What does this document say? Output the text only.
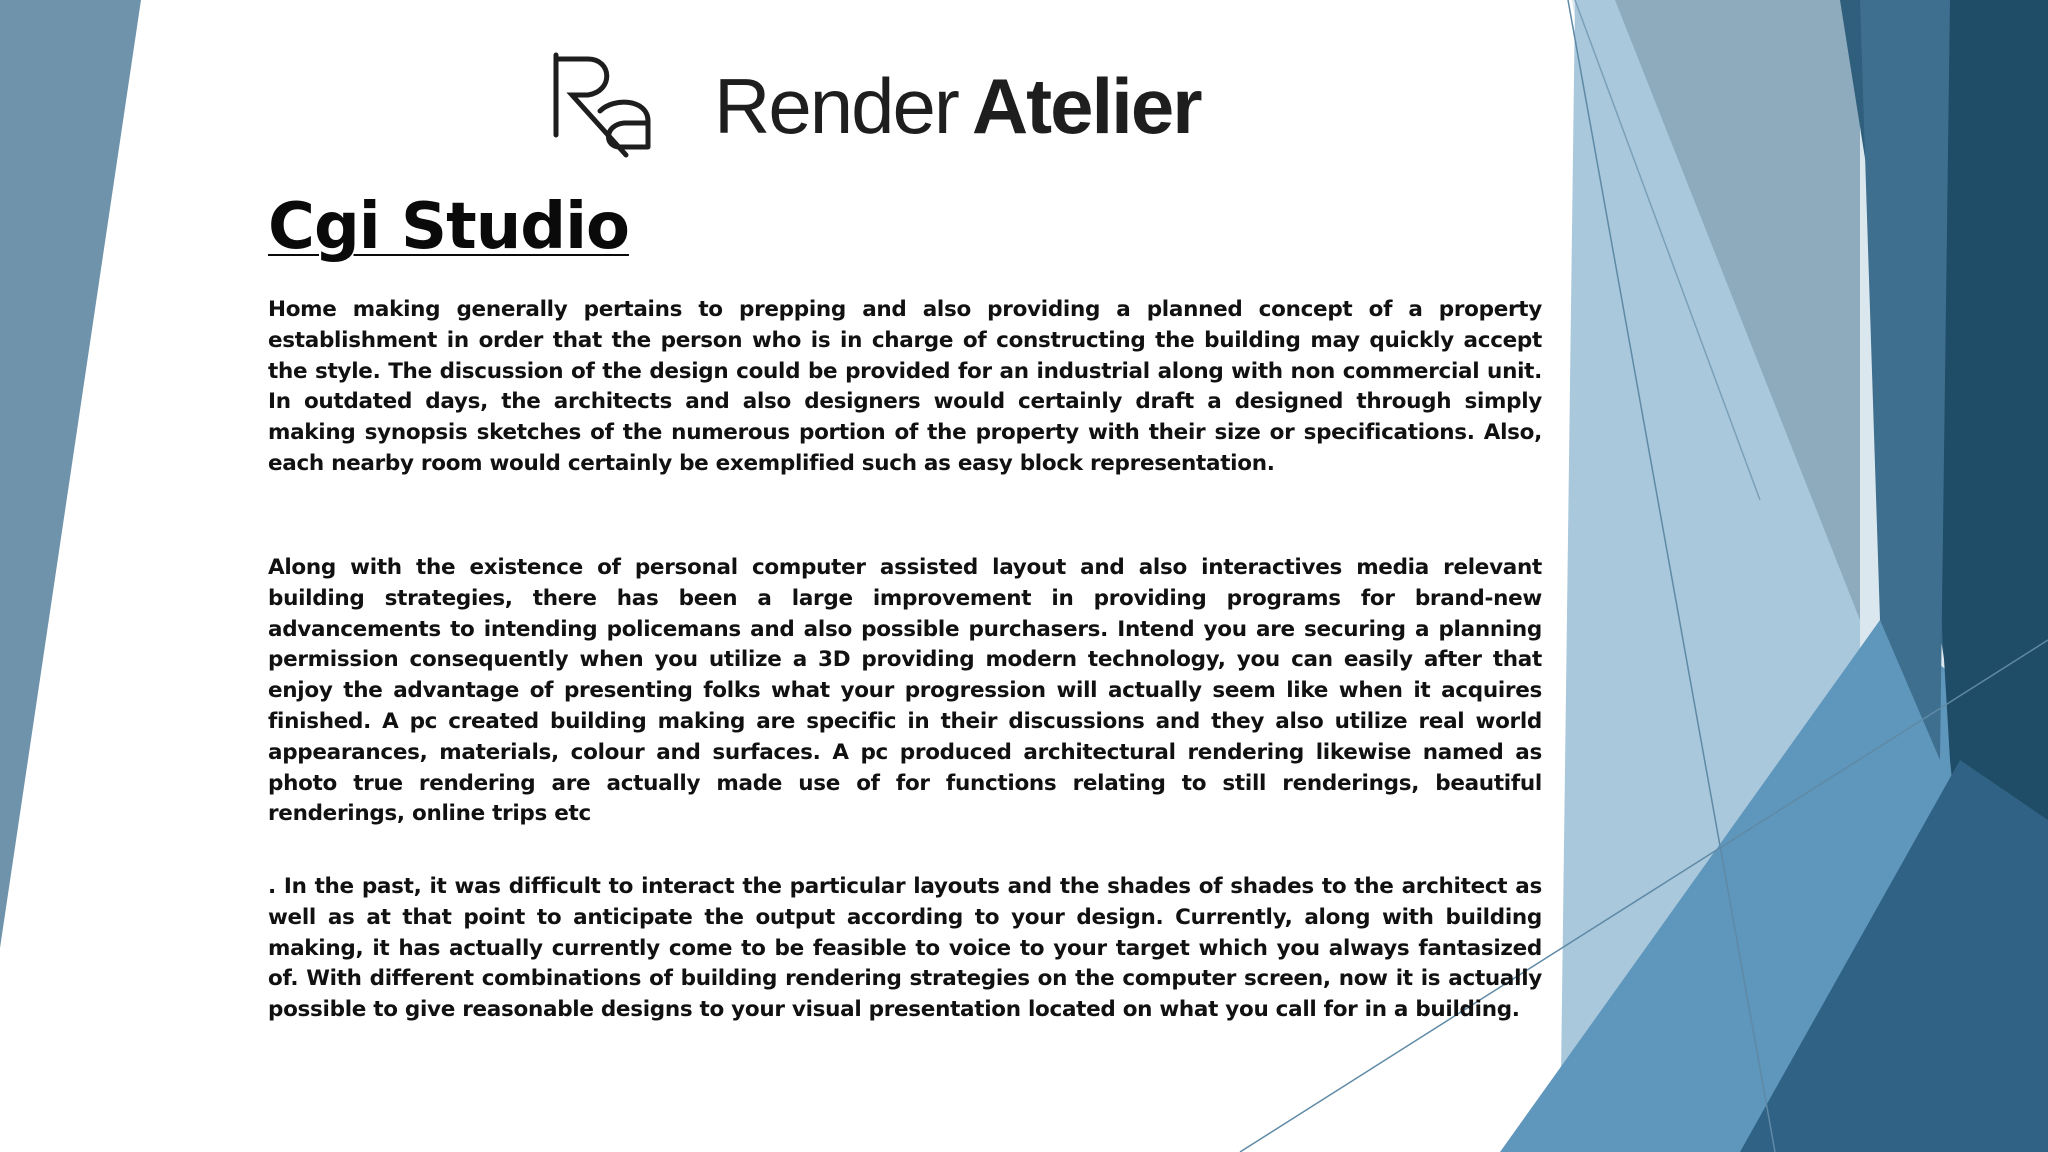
Render Atelier
Cgi Studio

Home making generally pertains to prepping and also providing a planned concept of a property establishment in order that the person who is in charge of constructing the building may quickly accept the style. The discussion of the design could be provided for an industrial along with non commercial unit. In outdated days, the architects and also designers would certainly draft a designed through simply making synopsis sketches of the numerous portion of the property with their size or specifications. Also, each nearby room would certainly be exemplified such as easy block representation.

Along with the existence of personal computer assisted layout and also interactives media relevant building strategies, there has been a large improvement in providing programs for brand-new advancements to intending policemans and also possible purchasers. Intend you are securing a planning permission consequently when you utilize a 3D providing modern technology, you can easily after that enjoy the advantage of presenting folks what your progression will actually seem like when it acquires finished. A pc created building making are specific in their discussions and they also utilize real world appearances, materials, colour and surfaces. A pc produced architectural rendering likewise named as photo true rendering are actually made use of for functions relating to still renderings, beautiful renderings, online trips etc

. In the past, it was difficult to interact the particular layouts and the shades of shades to the architect as well as at that point to anticipate the output according to your design. Currently, along with building making, it has actually currently come to be feasible to voice to your target which you always fantasized of. With different combinations of building rendering strategies on the computer screen, now it is actually possible to give reasonable designs to your visual presentation located on what you call for in a building.
